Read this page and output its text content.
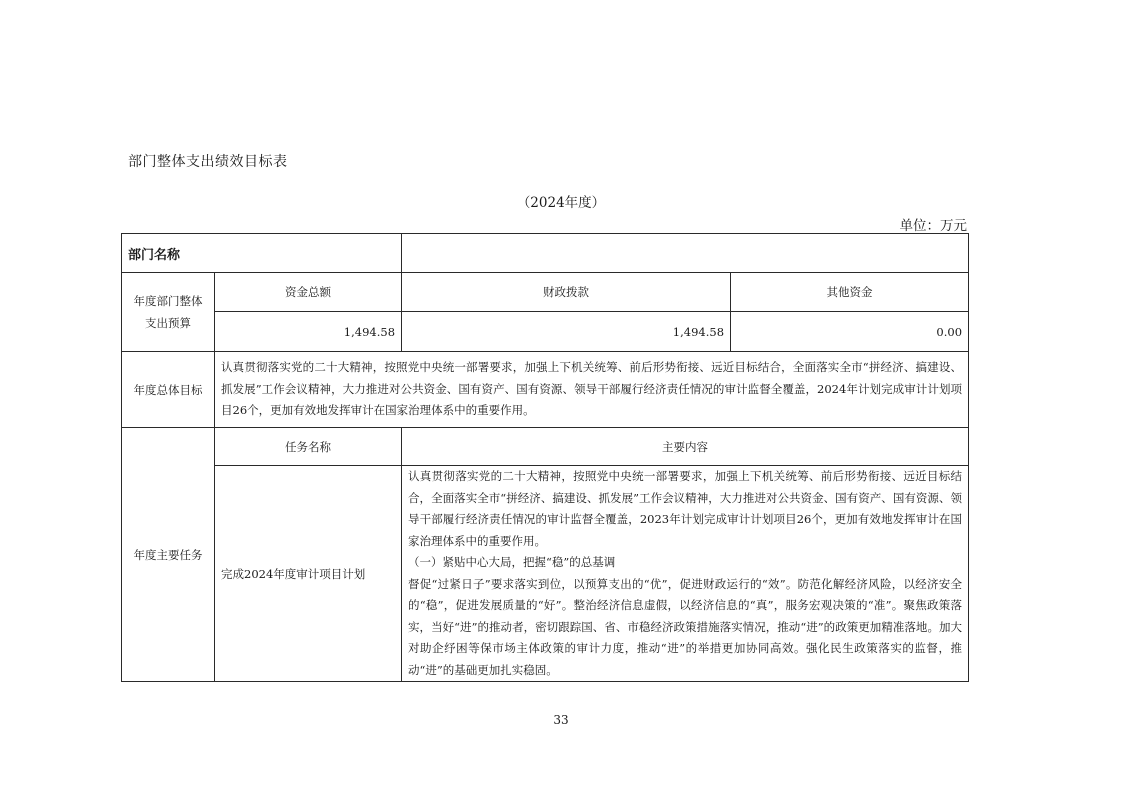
部门整体支出绩效目标表
（2024年度）
单位：万元
部门名称			
年度部门整体支出预算	资金总额	财政拨款	其他资金
	1,494.58	1,494.58	0.00
年度总体目标	认真贯彻落实党的二十大精神，按照党中央统一部署要求，加强上下机关统筹、前后形势衔接、远近目标结合，全面落实全市“拼经济、搞建设、抓发展”工作会议精神，大力推进对公共资金、国有资产、国有资源、领导干部履行经济责任情况的审计监督全覆盖，2024年计划完成审计计划项目26个，更加有效地发挥审计在国家治理体系中的重要作用。		
年度主要任务	任务名称	主要内容	
	完成2024年度审计项目计划	认真贯彻落实党的二十大精神，按照党中央统一部署要求，加强上下机关统筹、前后形势衔接、远近目标结合，全面落实全市“拼经济、搞建设、抓发展”工作会议精神，大力推进对公共资金、国有资产、国有资源、领导干部履行经济责任情况的审计监督全覆盖，2023年计划完成审计计划项目26个，更加有效地发挥审计在国家治理体系中的重要作用。
（一）紧贴中心大局，把握“稳”的总基调
督促“过紧日子”要求落实到位，以预算支出的“优”，促进财政运行的“效”。防范化解经济风险，以经济安全的“稳”，促进发展质量的“好”。整治经济信息虚假，以经济信息的“真”，服务宏观决策的“准”。聚焦政策落实，当好“进”的推动者，密切跟踪国、省、市稳经济政策措施落实情况，推动“进”的政策更加精准落地。加大对助企纾困等保市场主体政策的审计力度，推动“进”的举措更加协同高效。强化民生政策落实的监督，推动“进”的基础更加扎实稳固。	
33
